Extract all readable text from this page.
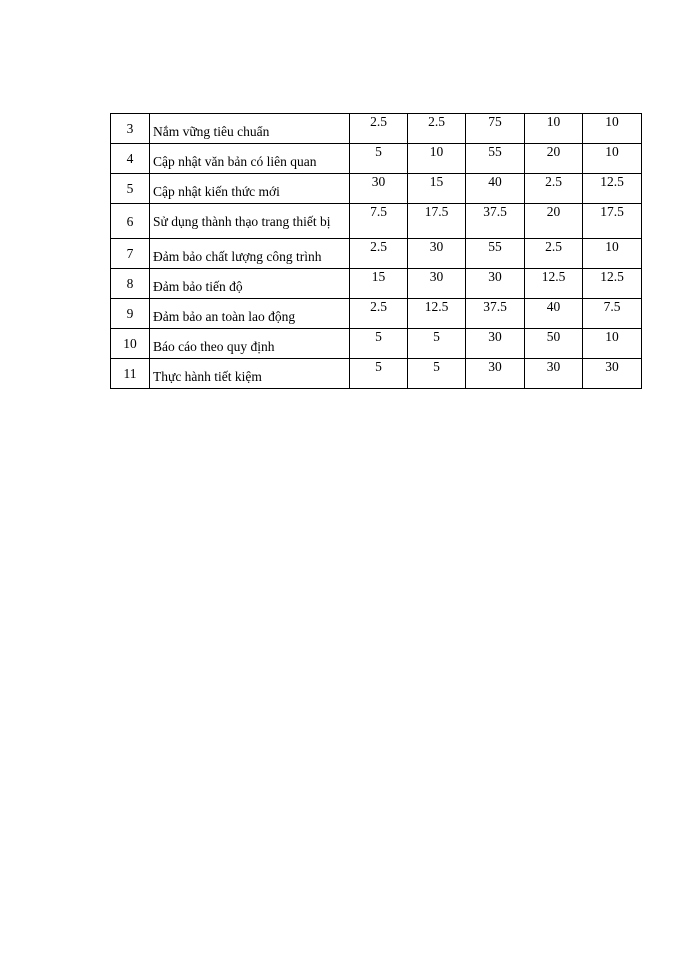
3	Nắm vững tiêu chuẩn	2.5	2.5	75	10	10
4	Cập nhật văn bản có liên quan	5	10	55	20	10
5	Cập nhật kiến thức mới	30	15	40	2.5	12.5
6	Sử dụng thành thạo trang thiết bị	7.5	17.5	37.5	20	17.5
7	Đảm bảo chất lượng công trình	2.5	30	55	2.5	10
8	Đảm bảo tiến độ	15	30	30	12.5	12.5
9	Đảm bảo an toàn lao động	2.5	12.5	37.5	40	7.5
10	Báo cáo theo quy định	5	5	30	50	10
11	Thực hành tiết kiệm	5	5	30	30	30
